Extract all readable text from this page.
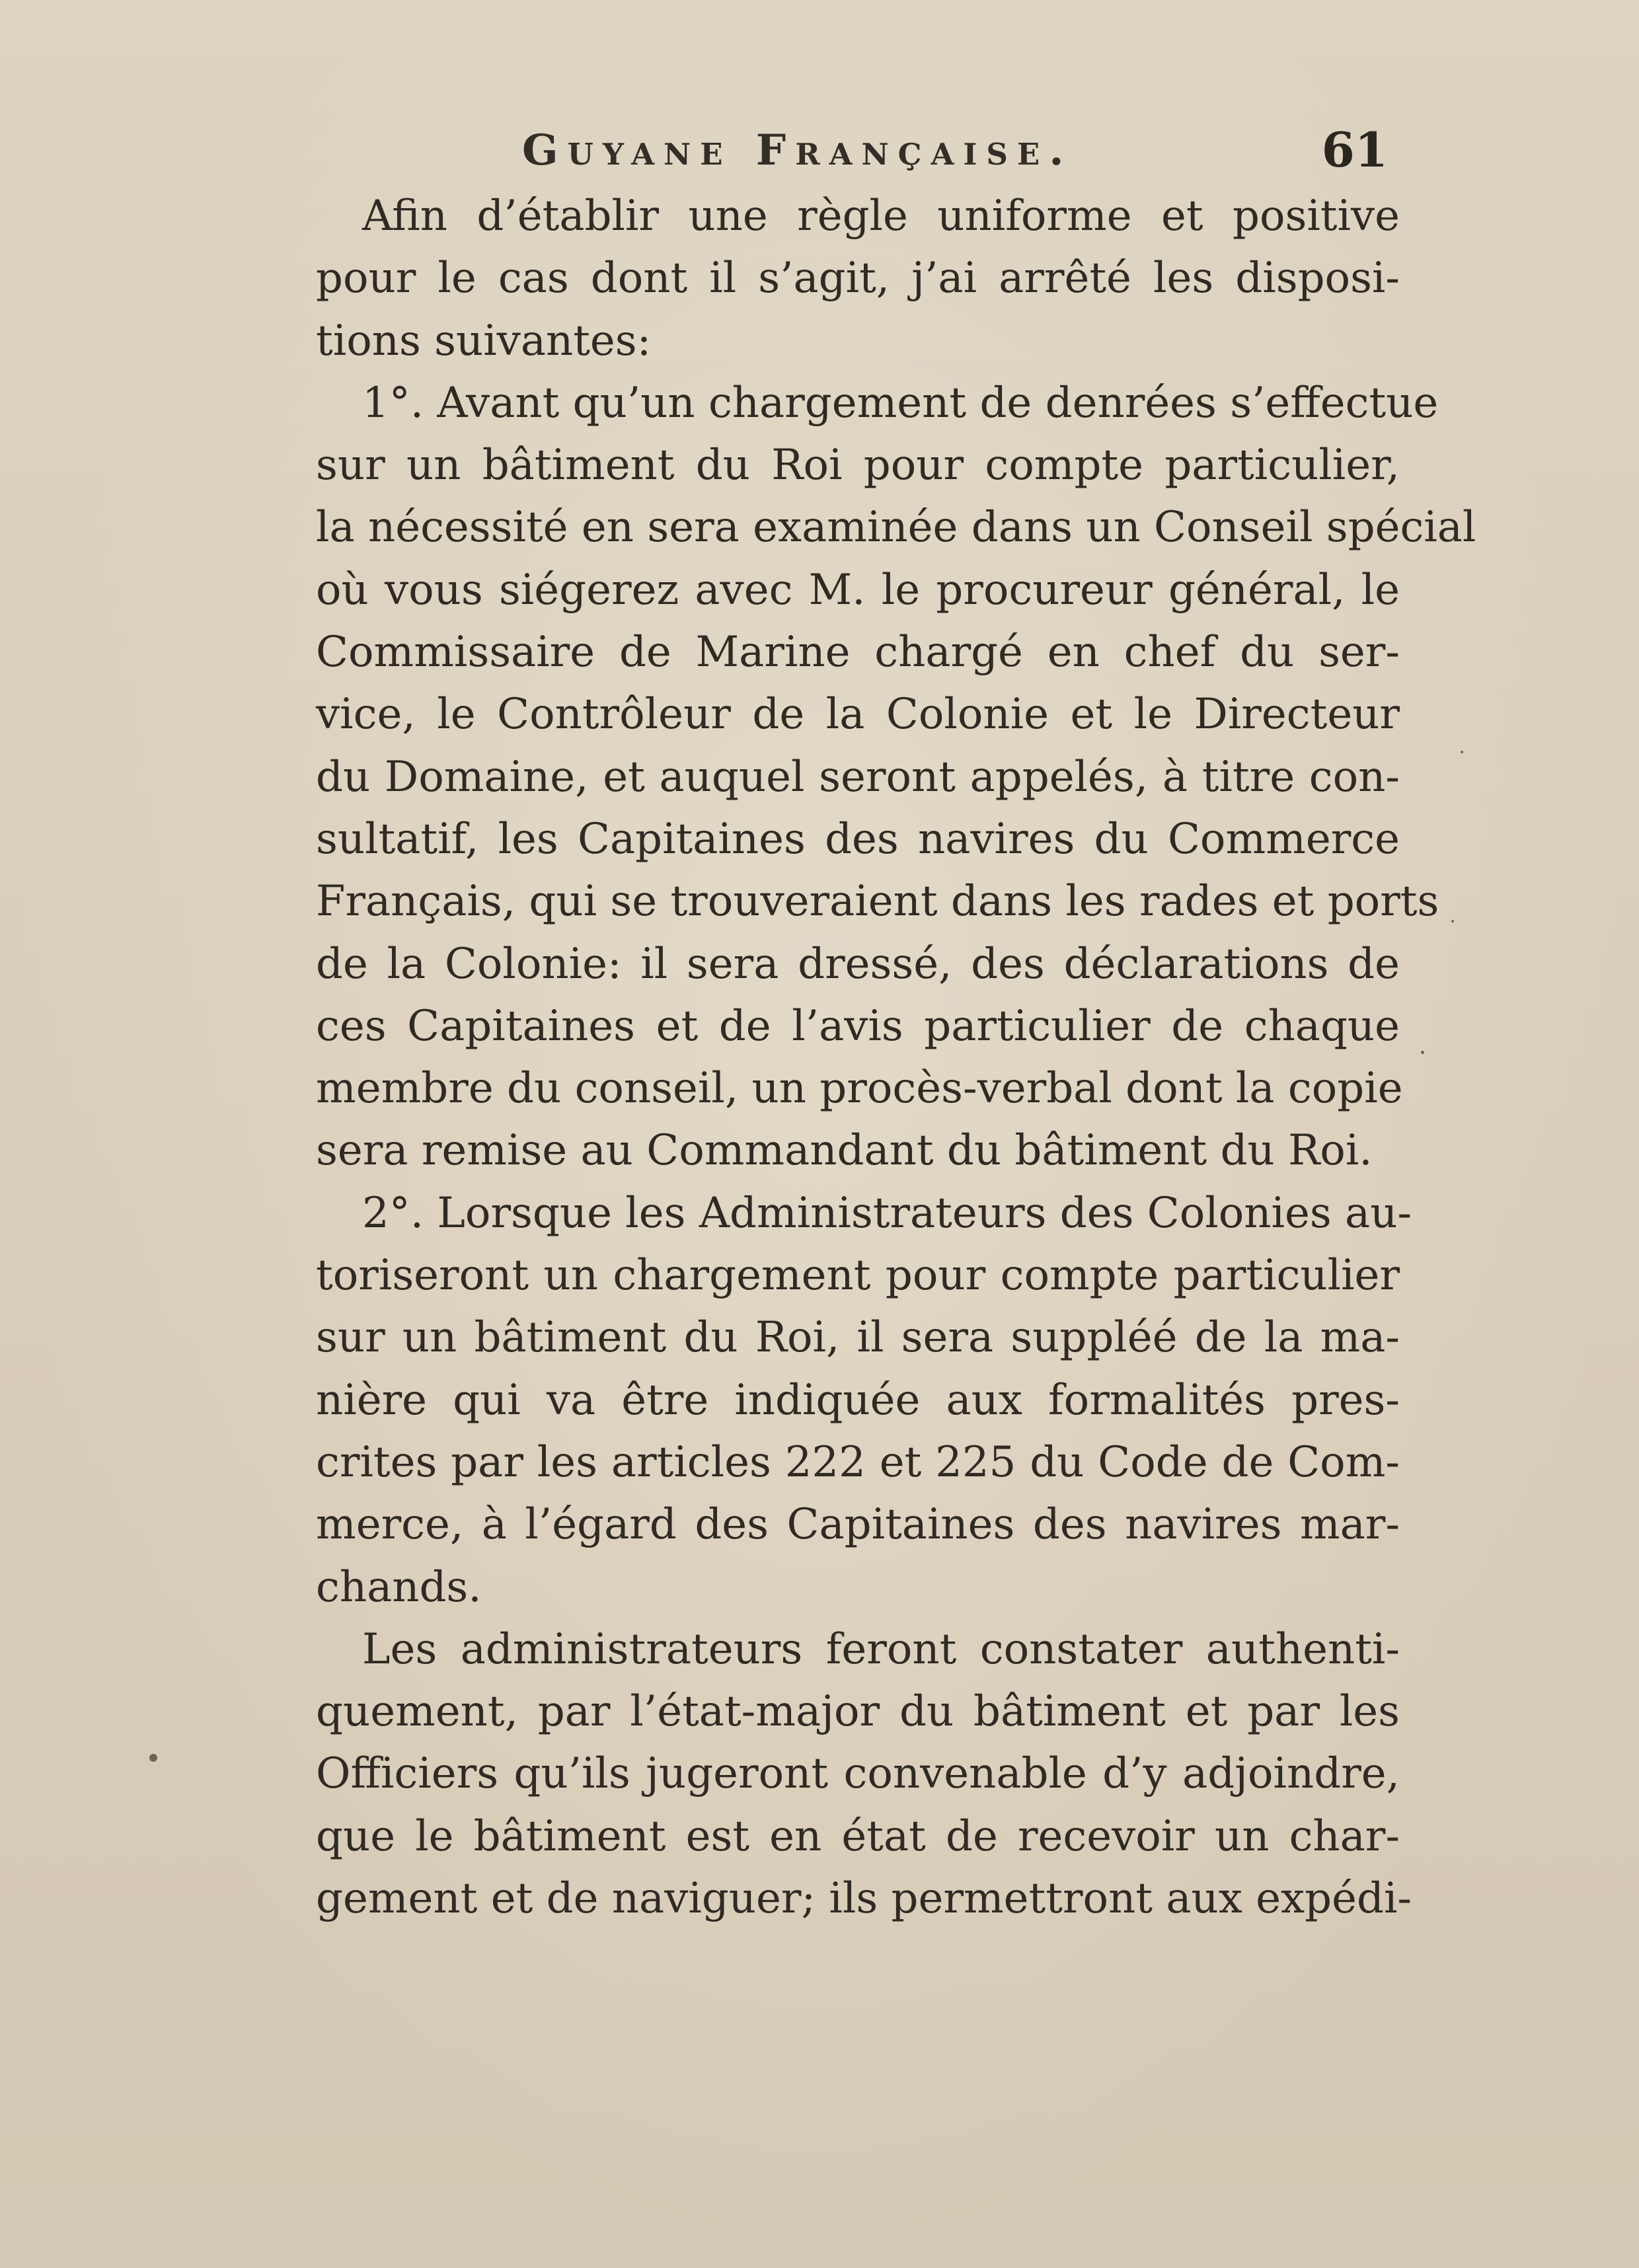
Guyane Française.	61
Afin d’établir une règle uniforme et positive
pour le cas dont il s’agit, j’ai arrêté les disposi-
tions suivantes:
1°. Avant qu’un chargement de denrées s’effectue
sur un bâtiment du Roi pour compte particulier,
la nécessité en sera examinée dans un Conseil spécial
où vous siégerez avec M. le procureur général, le
Commissaire de Marine chargé en chef du ser-
vice, le Contrôleur de la Colonie et le Directeur
du Domaine, et auquel seront appelés, à titre con-
sultatif, les Capitaines des navires du Commerce
Français, qui se trouveraient dans les rades et ports
de la Colonie: il sera dressé, des déclarations de
ces Capitaines et de l’avis particulier de chaque
membre du conseil, un procès-verbal dont la copie
sera remise au Commandant du bâtiment du Roi.
2°. Lorsque les Administrateurs des Colonies au-
toriseront un chargement pour compte particulier
sur un bâtiment du Roi, il sera suppléé de la ma-
nière qui va être indiquée aux formalités pres-
crites par les articles 222 et 225 du Code de Com-
merce, à l’égard des Capitaines des navires mar-
chands.
Les administrateurs feront constater authenti-
quement, par l’état-major du bâtiment et par les
Officiers qu’ils jugeront convenable d’y adjoindre,
que le bâtiment est en état de recevoir un char-
gement et de naviguer; ils permettront aux expédi-
